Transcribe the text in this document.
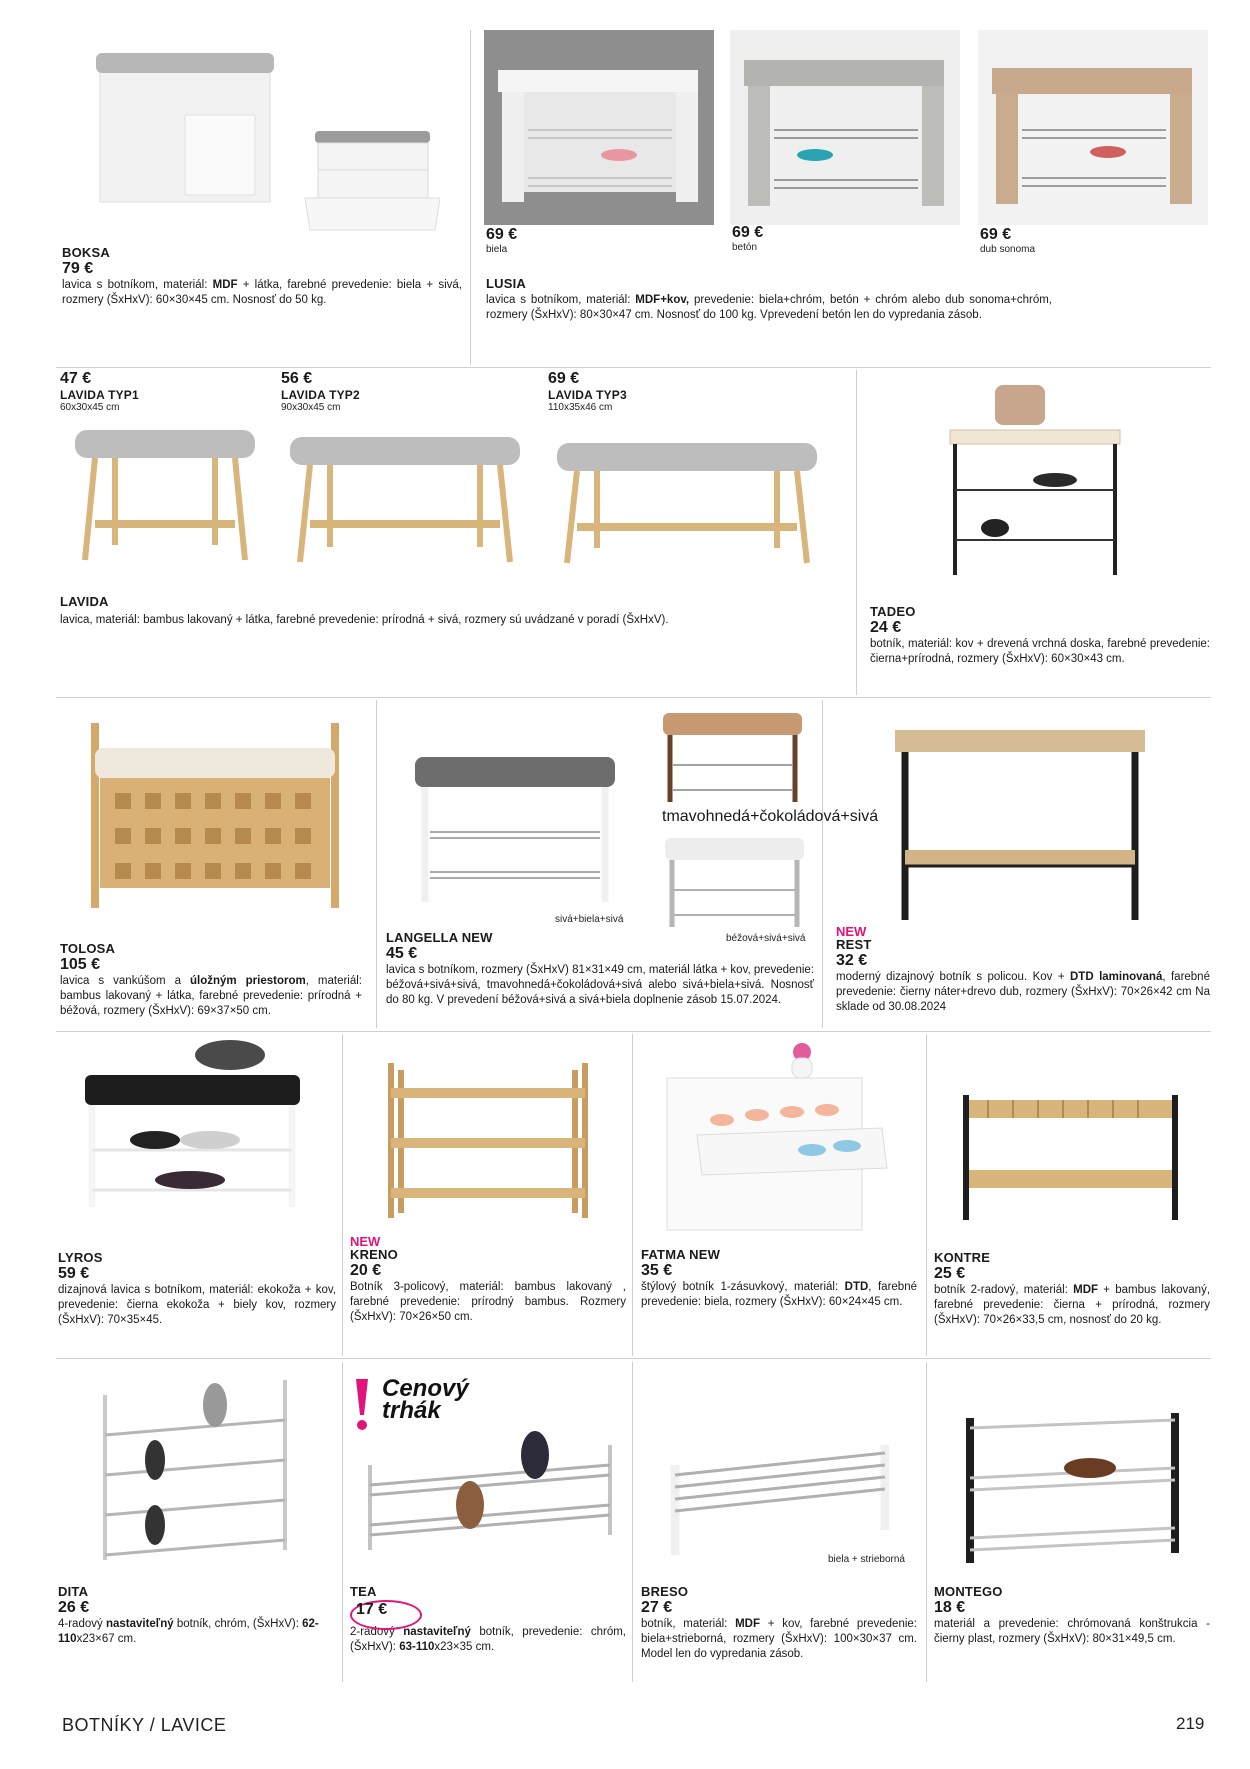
BOKSA
79 €
lavica s botníkom, materiál: MDF + látka, farebné prevedenie: biela + sivá, rozmery (ŠxHxV): 60×30×45 cm. Nosnosť do 50 kg.
69 €
biela
69 €
betón
69 €
dub sonoma
LUSIA
lavica s botníkom, materiál: MDF+kov, prevedenie: biela+chróm, betón + chróm alebo dub sonoma+chróm, rozmery (ŠxHxV): 80×30×47 cm. Nosnosť do 100 kg. Vprevedení betón len do vypredania zásob.
47 €
LAVIDA TYP1
60x30x45 cm
56 €
LAVIDA TYP2
90x30x45 cm
69 €
LAVIDA TYP3
110x35x46 cm
LAVIDA
lavica, materiál: bambus lakovaný + látka, farebné prevedenie: prírodná + sivá, rozmery sú uvádzané v poradí (ŠxHxV).
TADEO
24 €
botník, materiál: kov + drevená vrchná doska, farebné prevedenie: čierna+prírodná, rozmery (ŠxHxV): 60×30×43 cm.
TOLOSA
105 €
lavica s vankúšom a úložným priestorom, materiál: bambus lakovaný + látka, farebné prevedenie: prírodná + béžová, rozmery (ŠxHxV): 69×37×50 cm.
tmavohnedá+čokoládová+sivá
sivá+biela+sivá
béžová+sivá+sivá
LANGELLA NEW
45 €
lavica s botníkom, rozmery (ŠxHxV) 81×31×49 cm, materiál látka + kov, prevedenie: béžová+sivá+sivá, tmavohnedá+čokoládová+sivá alebo sivá+biela+sivá. Nosnosť do 80 kg. V prevedení béžová+sivá a sivá+biela doplnenie zásob 15.07.2024.
NEW
REST
32 €
moderný dizajnový botník s policou. Kov + DTD laminovaná, farebné prevedenie: čierny náter+drevo dub, rozmery (ŠxHxV): 70×26×42 cm Na sklade od 30.08.2024
LYROS
59 €
dizajnová lavica s botníkom, materiál: ekokoža + kov, prevedenie: čierna ekokoža + biely kov, rozmery (ŠxHxV): 70×35×45.
NEW
KRENO
20 €
Botník 3-policový, materiál: bambus lakovaný , farebné prevedenie: prírodný bambus. Rozmery (ŠxHxV): 70×26×50 cm.
FATMA NEW
35 €
štýlový botník 1-zásuvkový, materiál: DTD, farebné prevedenie: biela, rozmery (ŠxHxV): 60×24×45 cm.
KONTRE
25 €
botník 2-radový, materiál: MDF + bambus lakovaný, farebné prevedenie: čierna + prírodná, rozmery (ŠxHxV): 70×26×33,5 cm, nosnosť do 20 kg.
DITA
26 €
4-radový nastaviteľný botník, chróm, (ŠxHxV): 62-110x23×67 cm.
Cenový
trhák
TEA
17 €
2-radový nastaviteľný botník, prevedenie: chróm, (ŠxHxV): 63-110x23×35 cm.
biela + strieborná
BRESO
27 €
botník, materiál: MDF + kov, farebné prevedenie: biela+strieborná, rozmery (ŠxHxV): 100×30×37 cm. Model len do vypredania zásob.
MONTEGO
18 €
materiál a prevedenie: chrómovaná konštrukcia - čierny plast, rozmery (ŠxHxV): 80×31×49,5 cm.
BOTNÍKY / LAVICE	219
